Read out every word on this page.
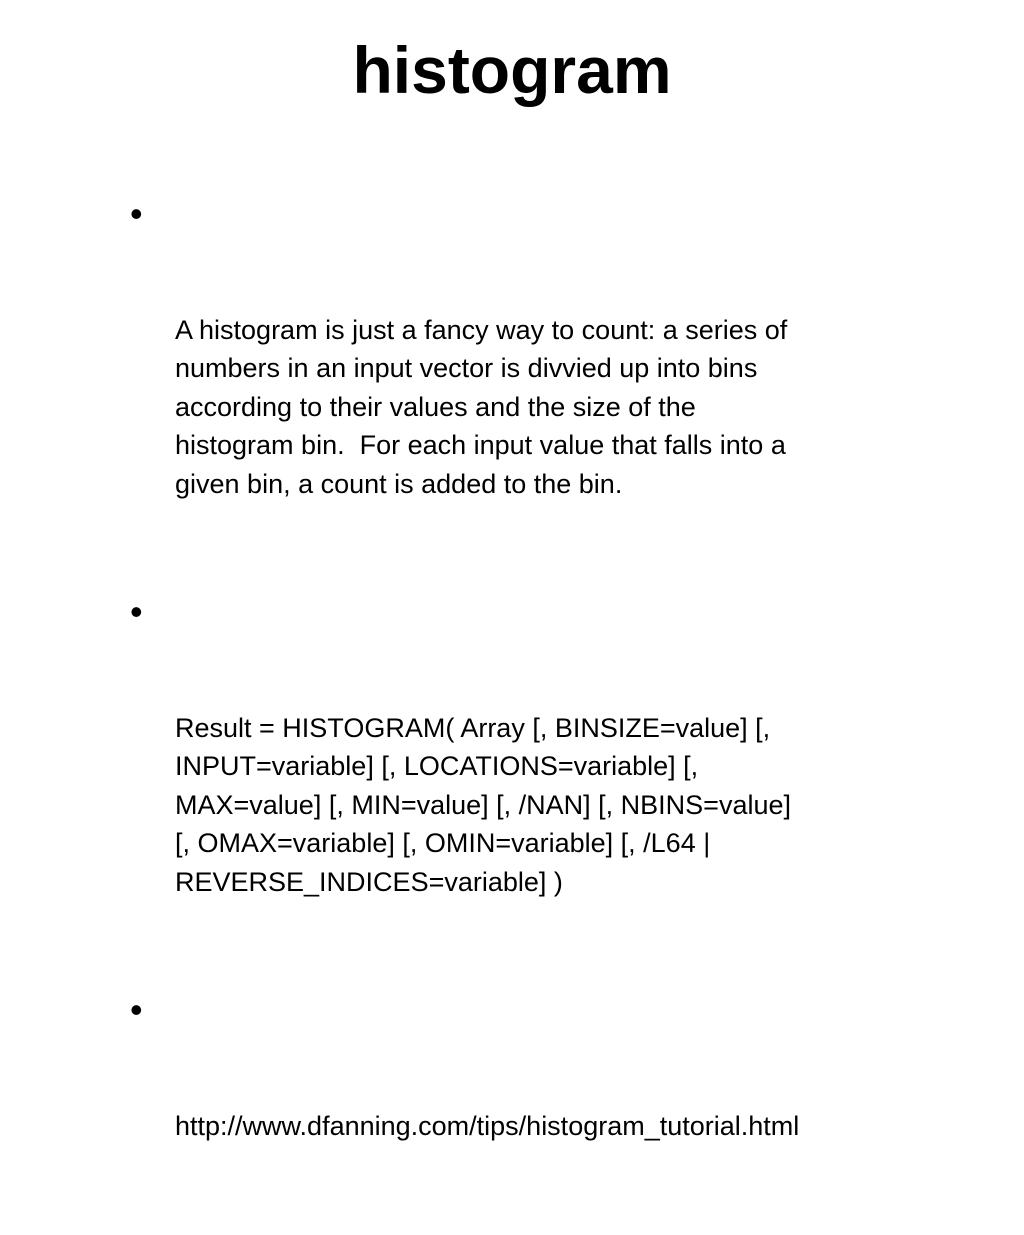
histogram

•

A histogram is just a fancy way to count: a series of
numbers in an input vector is divvied up into bins
according to their values and the size of the
histogram bin.  For each input value that falls into a
given bin, a count is added to the bin.

•

Result = HISTOGRAM( Array [, BINSIZE=value] [,
INPUT=variable] [, LOCATIONS=variable] [,
MAX=value] [, MIN=value] [, /NAN] [, NBINS=value]
[, OMAX=variable] [, OMIN=variable] [, /L64 |
REVERSE_INDICES=variable] )

•

http://www.dfanning.com/tips/histogram_tutorial.html
